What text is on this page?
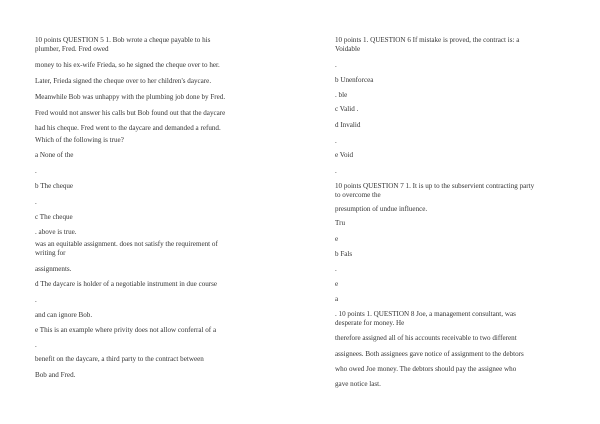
10 points QUESTION 5 1. Bob wrote a cheque payable to his
plumber, Fred. Fred owed
money to his ex-wife Frieda, so he signed the cheque over to her.
Later, Frieda signed the cheque over to her children's daycare.
Meanwhile Bob was unhappy with the plumbing job done by Fred.
Fred would not answer his calls but Bob found out that the daycare
had his cheque. Fred went to the daycare and demanded a refund.
Which of the following is true?
a None of the
.
b The cheque
.
c The cheque
. above is true.
was an equitable assignment. does not satisfy the requirement of
writing for
assignments.
d The daycare is holder of a negotiable instrument in due course
.
and can ignore Bob.
e This is an example where privity does not allow conferral of a
.
benefit on the daycare, a third party to the contract between
Bob and Fred.
10 points 1. QUESTION 6 If mistake is proved, the contract is: a
Voidable
.
b Unenforcea
. ble
c Valid .
d Invalid
.
e Void
.
10 points QUESTION 7 1. It is up to the subservient contracting party
to overcome the
presumption of undue influence.
Tru
e
b Fals
.
e
a
. 10 points 1. QUESTION 8 Joe, a management consultant, was
desperate for money. He
therefore assigned all of his accounts receivable to two different
assignees. Both assignees gave notice of assignment to the debtors
who owed Joe money. The debtors should pay the assignee who
gave notice last.
